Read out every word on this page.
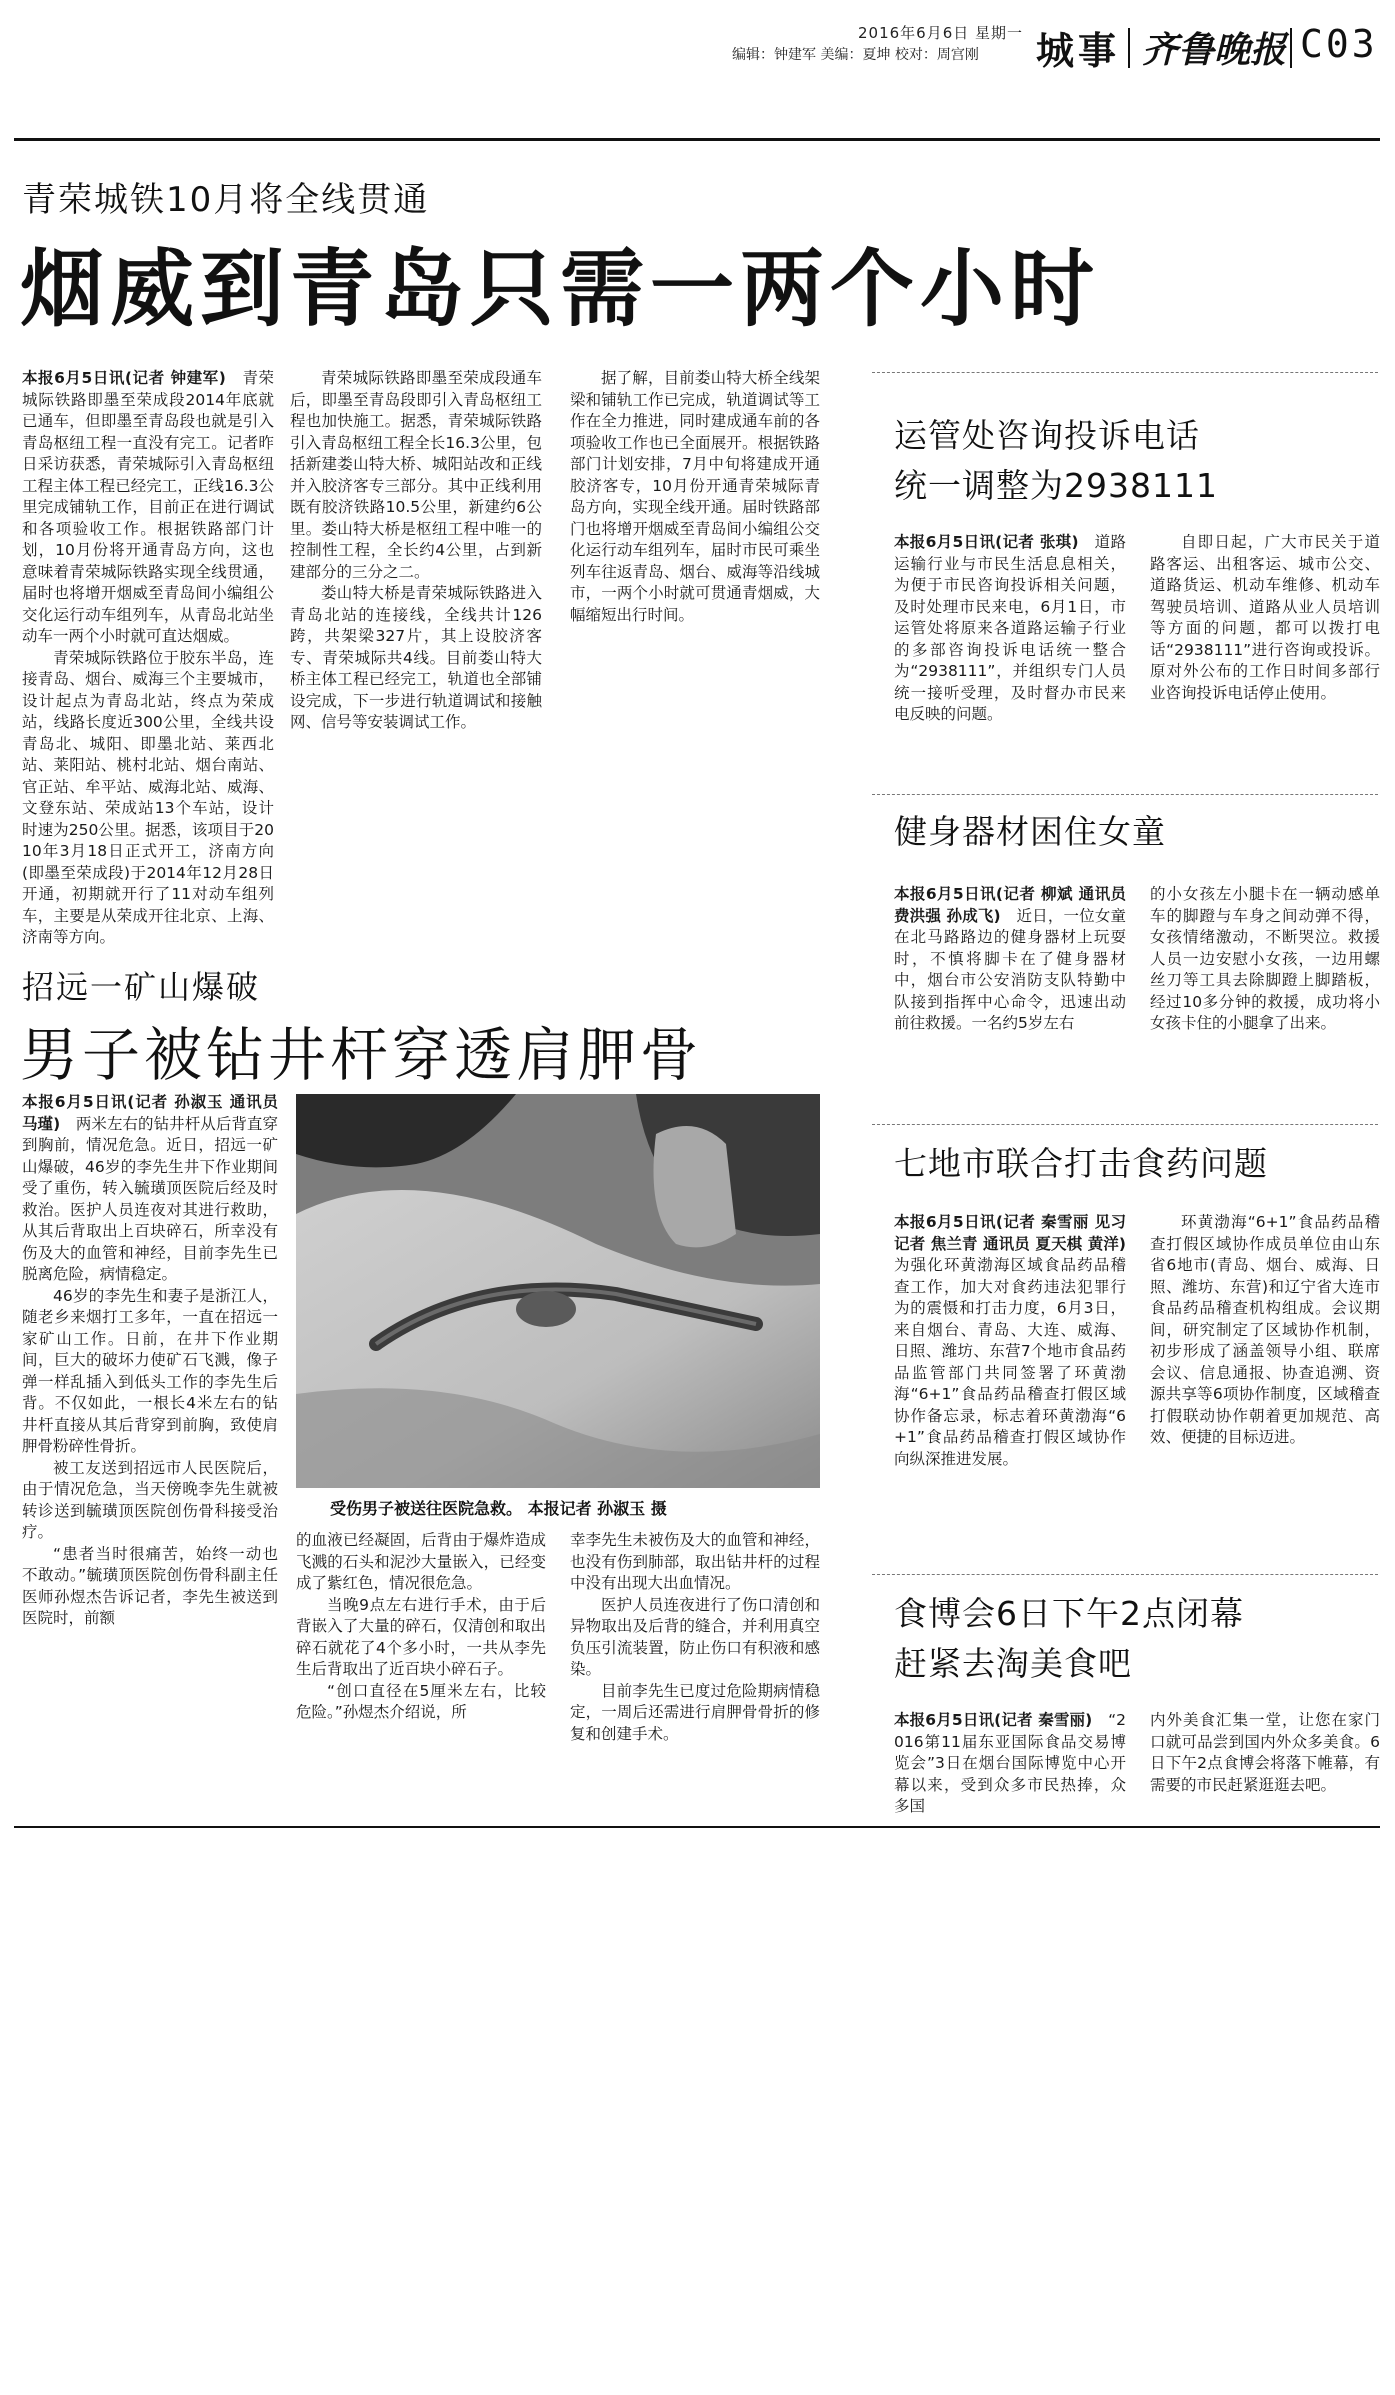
2016年6月6日 星期一
编辑：钟建军 美编：夏坤 校对：周宫刚 城事 齐鲁晚报 C03
青荣城铁10月将全线贯通
烟威到青岛只需一两个小时

本报6月5日讯(记者 钟建军)　 青荣城际铁路即墨至荣成段2014年底就已通车，但即墨至青岛段也就是引入青岛枢纽工程一直没有完工。记者昨日采访获悉，青荣城际引入青岛枢纽工程主体工程已经完工，正线16.3公里完成铺轨工作，目前正在进行调试和各项验收工作。根据铁路部门计划，10月份将开通青岛方向，这也意味着青荣城际铁路实现全线贯通，届时也将增开烟威至青岛间小编组公交化运行动车组列车，从青岛北站坐动车一两个小时就可直达烟威。

青荣城际铁路位于胶东半岛，连接青岛、烟台、威海三个主要城市，设计起点为青岛北站，终点为荣成站，线路长度近300公里，全线共设青岛北、城阳、即墨北站、莱西北站、莱阳站、桃村北站、烟台南站、官正站、牟平站、威海北站、威海、文登东站、荣成站13个车站，设计时速为250公里。据悉，该项目于2010年3月18日正式开工，济南方向(即墨至荣成段)于2014年12月28日开通，初期就开行了11对动车组列车，主要是从荣成开往北京、上海、济南等方向。

青荣城际铁路即墨至荣成段通车后，即墨至青岛段即引入青岛枢纽工程也加快施工。据悉，青荣城际铁路引入青岛枢纽工程全长16.3公里，包括新建娄山特大桥、城阳站改和正线并入胶济客专三部分。其中正线利用既有胶济铁路10.5公里，新建约6公里。娄山特大桥是枢纽工程中唯一的控制性工程，全长约4公里，占到新建部分的三分之二。

娄山特大桥是青荣城际铁路进入青岛北站的连接线，全线共计126跨，共架梁327片，其上设胶济客专、青荣城际共4线。目前娄山特大桥主体工程已经完工，轨道也全部铺设完成，下一步进行轨道调试和接触网、信号等安装调试工作。

据了解，目前娄山特大桥全线架梁和铺轨工作已完成，轨道调试等工作在全力推进，同时建成通车前的各项验收工作也已全面展开。根据铁路部门计划安排，7月中旬将建成开通胶济客专，10月份开通青荣城际青岛方向，实现全线开通。届时铁路部门也将增开烟威至青岛间小编组公交化运行动车组列车，届时市民可乘坐列车往返青岛、烟台、威海等沿线城市，一两个小时就可贯通青烟威，大幅缩短出行时间。

招远一矿山爆破
男子被钻井杆穿透肩胛骨

本报6月5日讯(记者 孙淑玉 通讯员 马瑾)　 两米左右的钻井杆从后背直穿到胸前，情况危急。近日，招远一矿山爆破，46岁的李先生井下作业期间受了重伤，转入毓璜顶医院后经及时救治。医护人员连夜对其进行救助，从其后背取出上百块碎石，所幸没有伤及大的血管和神经，目前李先生已脱离危险，病情稳定。

46岁的李先生和妻子是浙江人，随老乡来烟打工多年，一直在招远一家矿山工作。日前，在井下作业期间，巨大的破坏力使矿石飞溅，像子弹一样乱插入到低头工作的李先生后背。不仅如此，一根长4米左右的钻井杆直接从其后背穿到前胸，致使肩胛骨粉碎性骨折。

被工友送到招远市人民医院后，由于情况危急，当天傍晚李先生就被转诊送到毓璜顶医院创伤骨科接受治疗。

“患者当时很痛苦，始终一动也不敢动。”毓璜顶医院创伤骨科副主任医师孙煜杰告诉记者，李先生被送到医院时，前额

受伤男子被送往医院急救。 本报记者 孙淑玉 摄

的血液已经凝固，后背由于爆炸造成飞溅的石头和泥沙大量嵌入，已经变成了紫红色，情况很危急。

当晚9点左右进行手术，由于后背嵌入了大量的碎石，仅清创和取出碎石就花了4个多小时，一共从李先生后背取出了近百块小碎石子。

“创口直径在5厘米左右，比较危险。”孙煜杰介绍说，所

幸李先生未被伤及大的血管和神经，也没有伤到肺部，取出钻井杆的过程中没有出现大出血情况。

医护人员连夜进行了伤口清创和异物取出及后背的缝合，并利用真空负压引流装置，防止伤口有积液和感染。

目前李先生已度过危险期病情稳定，一周后还需进行肩胛骨骨折的修复和创建手术。

运管处咨询投诉电话
统一调整为2938111

本报6月5日讯(记者 张琪)　 道路运输行业与市民生活息息相关，为便于市民咨询投诉相关问题，及时处理市民来电，6月1日，市运管处将原来各道路运输子行业的多部咨询投诉电话统一整合为“2938111”，并组织专门人员统一接听受理，及时督办市民来电反映的问题。

自即日起，广大市民关于道路客运、出租客运、城市公交、道路货运、机动车维修、机动车驾驶员培训、道路从业人员培训等方面的问题，都可以拨打电话“2938111”进行咨询或投诉。原对外公布的工作日时间多部行业咨询投诉电话停止使用。

健身器材困住女童

本报6月5日讯(记者 柳斌 通讯员 费洪强 孙成飞)　 近日，一位女童在北马路路边的健身器材上玩耍时，不慎将脚卡在了健身器材中，烟台市公安消防支队特勤中队接到指挥中心命令，迅速出动前往救援。一名约5岁左右

的小女孩左小腿卡在一辆动感单车的脚蹬与车身之间动弹不得，女孩情绪激动，不断哭泣。救援人员一边安慰小女孩，一边用螺丝刀等工具去除脚蹬上脚踏板，经过10多分钟的救援，成功将小女孩卡住的小腿拿了出来。

七地市联合打击食药问题

本报6月5日讯(记者 秦雪丽 见习记者 焦兰青 通讯员 夏天棋 黄洋)　为强化环黄渤海区域食品药品稽查工作，加大对食药违法犯罪行为的震慑和打击力度，6月3日，来自烟台、青岛、大连、威海、日照、潍坊、东营7个地市食品药品监管部门共同签署了环黄渤海“6+1”食品药品稽查打假区域协作备忘录，标志着环黄渤海“6+1”食品药品稽查打假区域协作向纵深推进发展。

环黄渤海“6+1”食品药品稽查打假区域协作成员单位由山东省6地市(青岛、烟台、威海、日照、潍坊、东营)和辽宁省大连市食品药品稽查机构组成。会议期间，研究制定了区域协作机制，初步形成了涵盖领导小组、联席会议、信息通报、协查追溯、资源共享等6项协作制度，区域稽查打假联动协作朝着更加规范、高效、便捷的目标迈进。

食博会6日下午2点闭幕
赶紧去淘美食吧

本报6月5日讯(记者 秦雪丽)　 “2016第11届东亚国际食品交易博览会”3日在烟台国际博览中心开幕以来，受到众多市民热捧，众多国

内外美食汇集一堂，让您在家门口就可品尝到国内外众多美食。6日下午2点食博会将落下帷幕，有需要的市民赶紧逛逛去吧。
